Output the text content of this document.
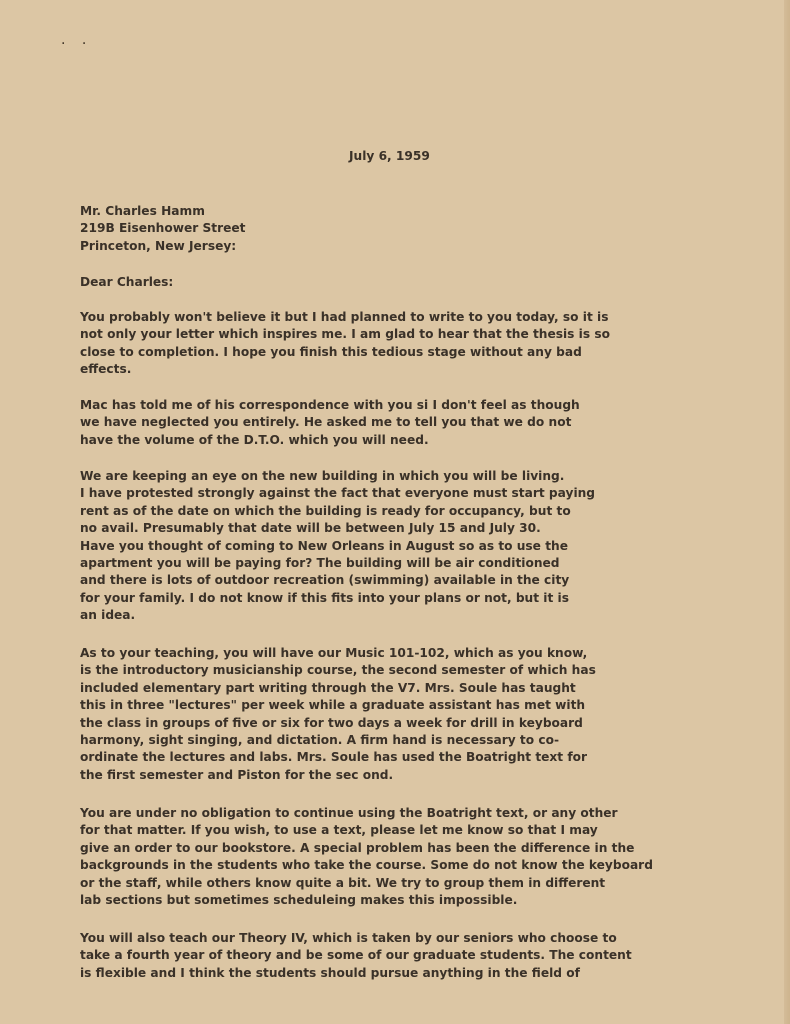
· ·
July 6, 1959
Mr. Charles Hamm
219B Eisenhower Street
Princeton, New Jersey:
Dear Charles:
You probably won't believe it but I had planned to write to you today, so it is
not only your letter which inspires me. I am glad to hear that the thesis is so
close to completion. I hope you finish this tedious stage without any bad
effects.
Mac has told me of his correspondence with you si I don't feel as though
we have neglected you entirely. He asked me to tell you that we do not
have the volume of the D.T.O. which you will need.
We are keeping an eye on the new building in which you will be living.
I have protested strongly against the fact that everyone must start paying
rent as of the date on which the building is ready for occupancy, but to
no avail. Presumably that date will be between July 15 and July 30.
Have you thought of coming to New Orleans in August so as to use the
apartment you will be paying for? The building will be air conditioned
and there is lots of outdoor recreation (swimming) available in the city
for your family. I do not know if this fits into your plans or not, but it is
an idea.
As to your teaching, you will have our Music 101-102, which as you know,
is the introductory musicianship course, the second semester of which has
included elementary part writing through the V7. Mrs. Soule has taught
this in three "lectures" per week while a graduate assistant has met with
the class in groups of five or six for two days a week for drill in keyboard
harmony, sight singing, and dictation. A firm hand is necessary to co-
ordinate the lectures and labs. Mrs. Soule has used the Boatright text for
the first semester and Piston for the sec ond.
You are under no obligation to continue using the Boatright text, or any other
for that matter. If you wish, to use a text, please let me know so that I may
give an order to our bookstore. A special problem has been the difference in the
backgrounds in the students who take the course. Some do not know the keyboard
or the staff, while others know quite a bit. We try to group them in different
lab sections but sometimes scheduleing makes this impossible.
You will also teach our Theory IV, which is taken by our seniors who choose to
take a fourth year of theory and be some of our graduate students. The content
is flexible and I think the students should pursue anything in the field of
